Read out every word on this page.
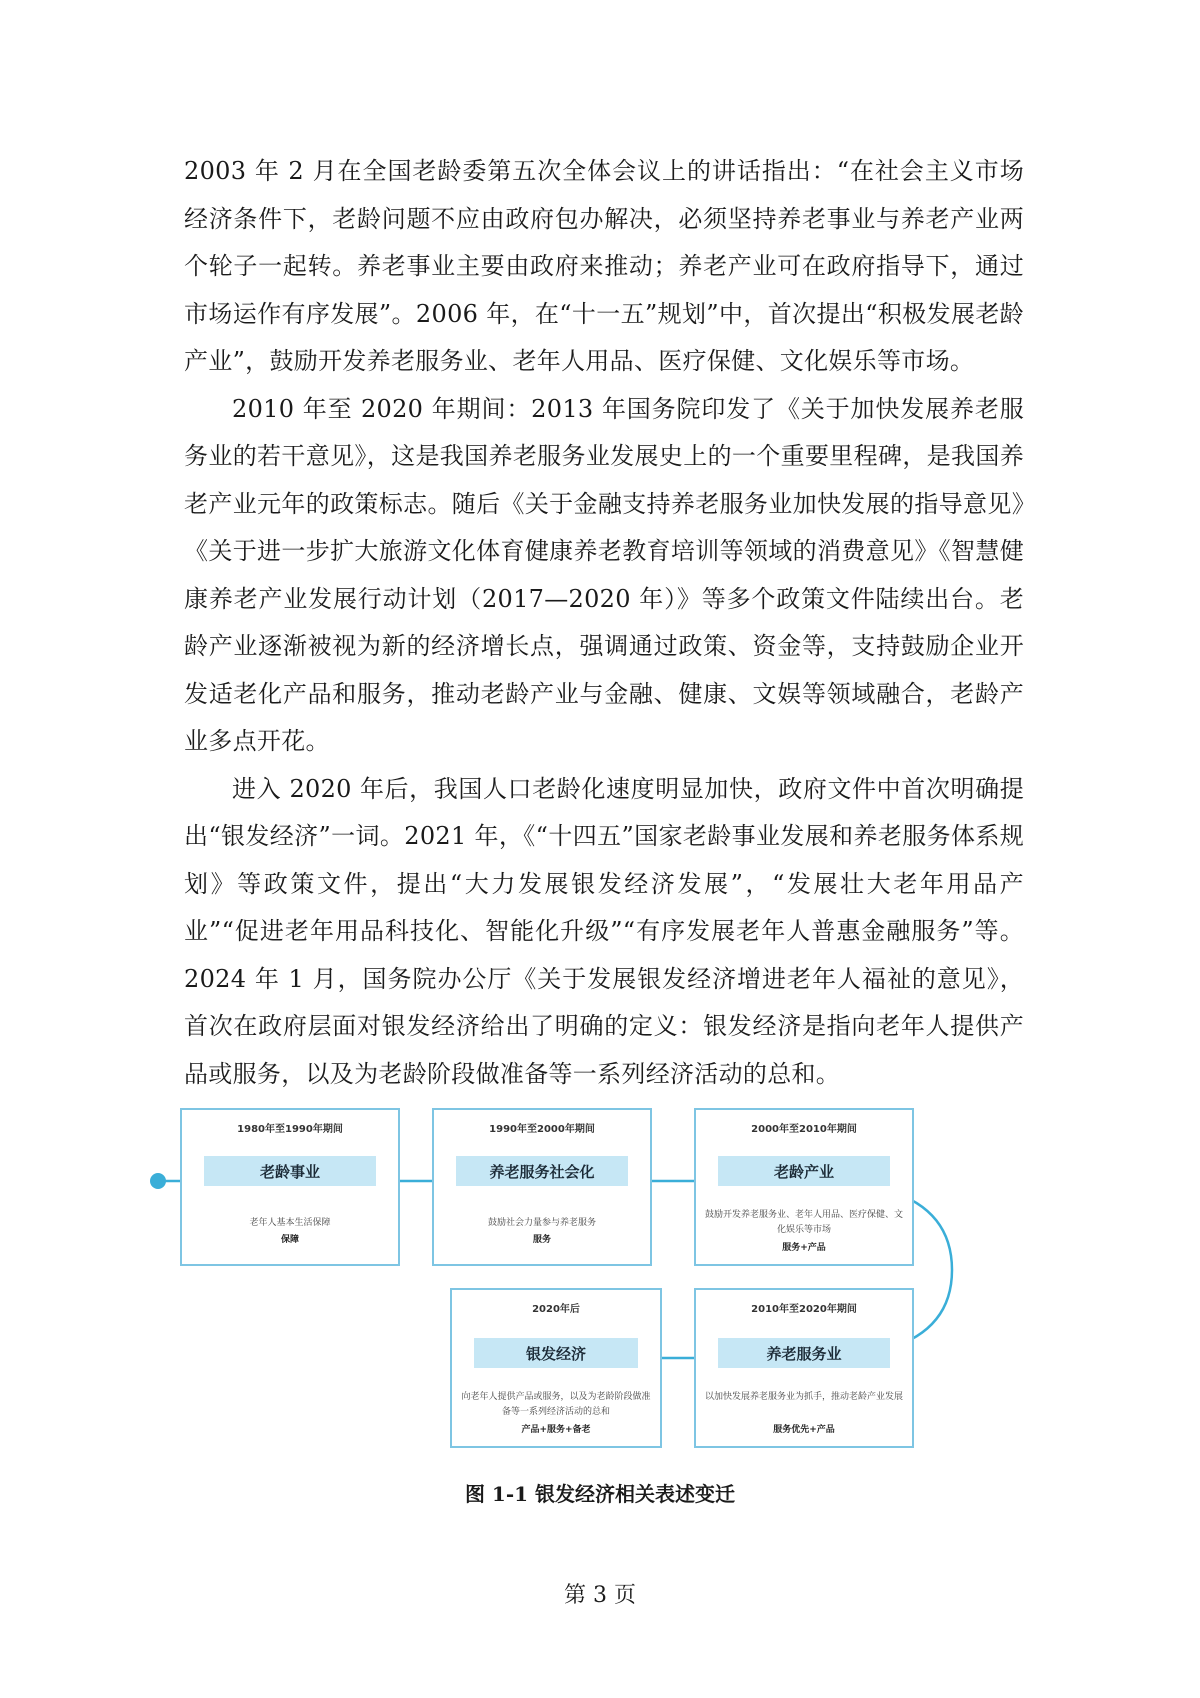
2003 年 2 月在全国老龄委第五次全体会议上的讲话指出：“在社会主义市场经济条件下，老龄问题不应由政府包办解决，必须坚持养老事业与养老产业两个轮子一起转。养老事业主要由政府来推动；养老产业可在政府指导下，通过市场运作有序发展”。2006 年，在“十一五”规划”中，首次提出“积极发展老龄产业”，鼓励开发养老服务业、老年人用品、医疗保健、文化娱乐等市场。

2010 年至 2020 年期间：2013 年国务院印发了《关于加快发展养老服务业的若干意见》，这是我国养老服务业发展史上的一个重要里程碑，是我国养老产业元年的政策标志。随后《关于金融支持养老服务业加快发展的指导意见》《关于进一步扩大旅游文化体育健康养老教育培训等领域的消费意见》《智慧健康养老产业发展行动计划（2017—2020 年）》等多个政策文件陆续出台。老龄产业逐渐被视为新的经济增长点，强调通过政策、资金等，支持鼓励企业开发适老化产品和服务，推动老龄产业与金融、健康、文娱等领域融合，老龄产业多点开花。

进入 2020 年后，我国人口老龄化速度明显加快，政府文件中首次明确提出“银发经济”一词。2021 年，《“十四五”国家老龄事业发展和养老服务体系规划》等政策文件，提出“大力发展银发经济发展”，“发展壮大老年用品产业”“促进老年用品科技化、智能化升级”“有序发展老年人普惠金融服务”等。2024 年 1 月，国务院办公厅《关于发展银发经济增进老年人福祉的意见》，首次在政府层面对银发经济给出了明确的定义：银发经济是指向老年人提供产品或服务，以及为老龄阶段做准备等一系列经济活动的总和。

1980年至1990年期间
老龄事业
老年人基本生活保障
保障
1990年至2000年期间
养老服务社会化
鼓励社会力量参与养老服务
服务
2000年至2010年期间
老龄产业
鼓励开发养老服务业、老年人用品、医疗保健、文化娱乐等市场
服务+产品
2020年后
银发经济
向老年人提供产品或服务，以及为老龄阶段做准备等一系列经济活动的总和
产品+服务+备老
2010年至2020年期间
养老服务业
以加快发展养老服务业为抓手，推动老龄产业发展
服务优先+产品
图 1-1 银发经济相关表述变迁
第 3 页
